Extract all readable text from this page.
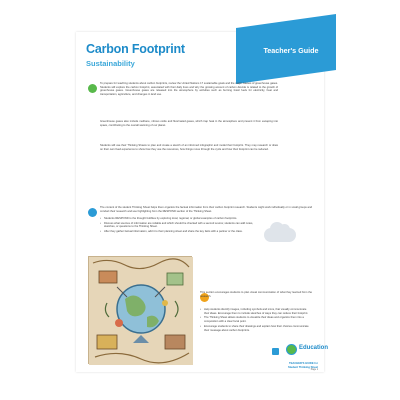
Teacher's Guide
Carbon Footprint
Sustainability

To prepare for teaching students about carbon footprints, review the United Nations 17 sustainable goals and the major causes of greenhouse gases. Students will explore the carbon footprint, associated with their daily lives and why the growing amount of carbon dioxide is related to the growth of greenhouse gases. Greenhouse gases are released into the atmosphere by activities such as burning fossil fuels for electricity, heat and transportation, agriculture, and changes in land use.

Greenhouse gases also include methane, nitrous oxide and fluorinated gases, which trap heat in the atmosphere and prevent it from escaping into space, contributing to the overall warming of our planet.

Students will use their Thinking Sheets to plan and create a sketch of an informed infographic and model their footprint. They may research or draw on their own lived experience to show how they use the resources, how things move through the cycle and how their footprint can be reduced.

The content of the student Thinking Sheet helps them organize the factual information from their carbon footprint research. Students might work individually or in small groups and conduct their research and use highlighting from the RESPOND section of the Thinking Sheet.

• Students RESPOND to the thought bubbles by exploring local, regional, or global examples of carbon footprints.
• Discuss what sources of information are reliable and which should be checked with a second source; students can add notes, sketches, or questions to the Thinking Sheet.
• After they gather factual information, add it to their planning sheet and share the key facts with a partner or the class.

This section encourages students to plan visual communication of what they learned from the research.

• Help students identify images, including symbols and icons, that visually communicate their ideas. Encourage them to include sketches of ways they can reduce their footprint.
• The Thinking Sheet allows students to visualize their ideas and organize them into a composition with a clear focal point.
• Encourage students to share their drawings and explain how their choices communicate their message about carbon footprints.
Education
TEACHER'S GUIDE for
Student Thinking Sheet
Page 1
